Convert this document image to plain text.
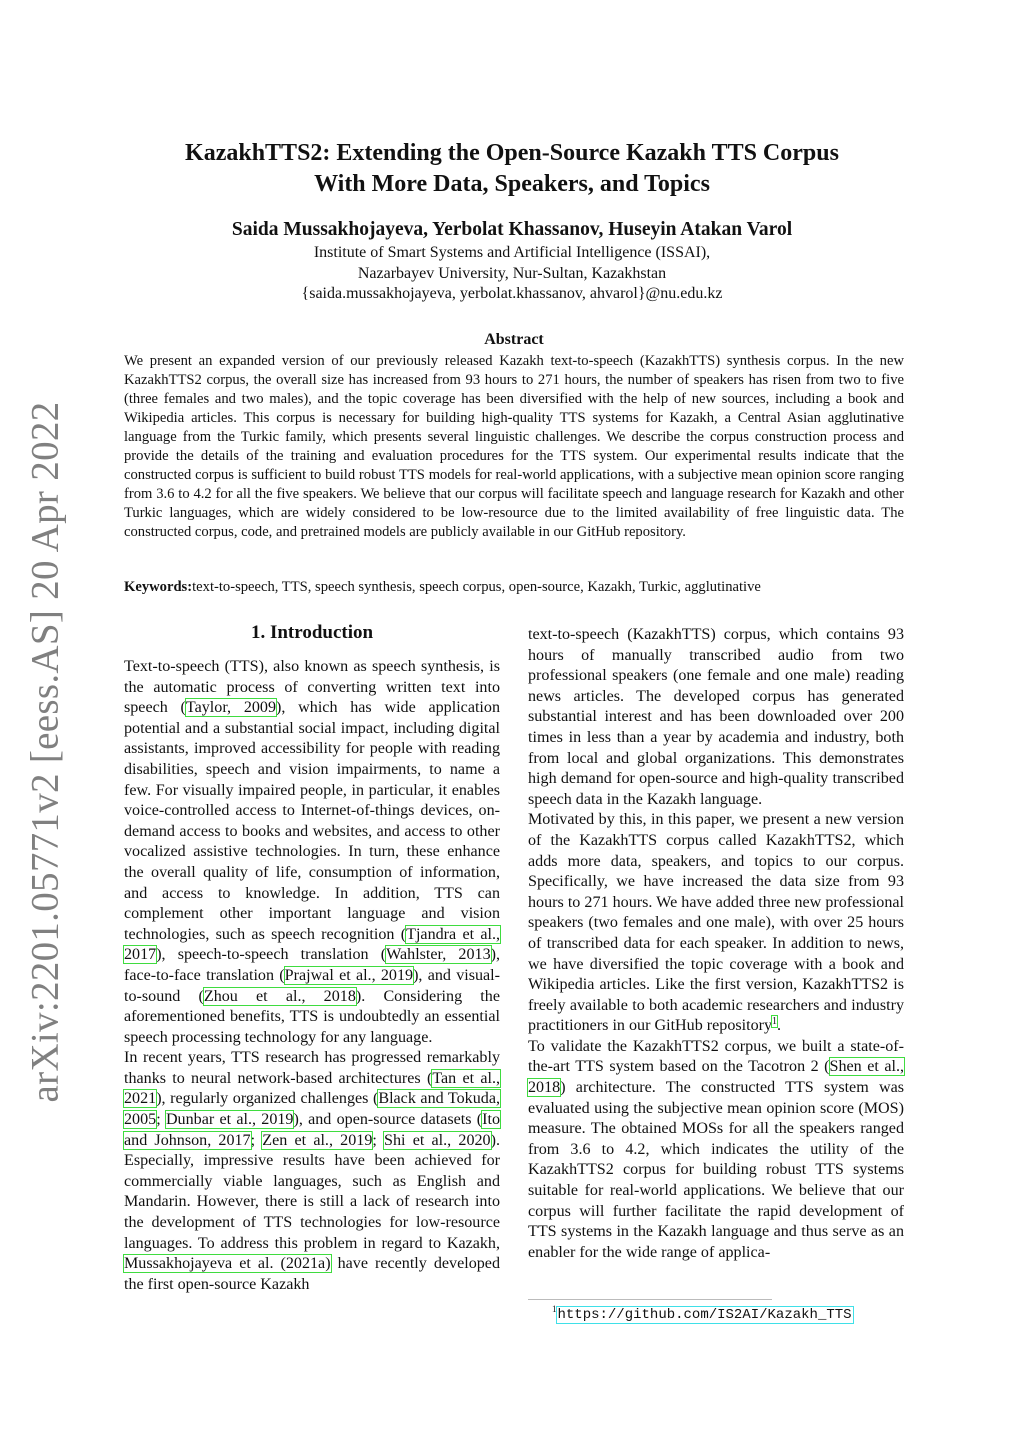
arXiv:2201.05771v2 [eess.AS] 20 Apr 2022
KazakhTTS2: Extending the Open-Source Kazakh TTS Corpus
With More Data, Speakers, and Topics
Saida Mussakhojayeva, Yerbolat Khassanov, Huseyin Atakan Varol
Institute of Smart Systems and Artificial Intelligence (ISSAI),
Nazarbayev University, Nur-Sultan, Kazakhstan
{saida.mussakhojayeva, yerbolat.khassanov, ahvarol}@nu.edu.kz
Abstract
We present an expanded version of our previously released Kazakh text-to-speech (KazakhTTS) synthesis corpus. In the new KazakhTTS2 corpus, the overall size has increased from 93 hours to 271 hours, the number of speakers has risen from two to five (three females and two males), and the topic coverage has been diversified with the help of new sources, including a book and Wikipedia articles. This corpus is necessary for building high-quality TTS systems for Kazakh, a Central Asian agglutinative language from the Turkic family, which presents several linguistic challenges. We describe the corpus construction process and provide the details of the training and evaluation procedures for the TTS system. Our experimental results indicate that the constructed corpus is sufficient to build robust TTS models for real-world applications, with a subjective mean opinion score ranging from 3.6 to 4.2 for all the five speakers. We believe that our corpus will facilitate speech and language research for Kazakh and other Turkic languages, which are widely considered to be low-resource due to the limited availability of free linguistic data. The constructed corpus, code, and pretrained models are publicly available in our GitHub repository.
Keywords:text-to-speech, TTS, speech synthesis, speech corpus, open-source, Kazakh, Turkic, agglutinative
1. Introduction

Text-to-speech (TTS), also known as speech synthesis, is the automatic process of converting written text into speech (Taylor, 2009), which has wide application potential and a substantial social impact, including digital assistants, improved accessibility for people with reading disabilities, speech and vision impairments, to name a few. For visually impaired people, in particular, it enables voice-controlled access to Internet-of-things devices, on-demand access to books and websites, and access to other vocalized assistive technologies. In turn, these enhance the overall quality of life, consumption of information, and access to knowledge. In addition, TTS can complement other important language and vision technologies, such as speech recognition (Tjandra et al., 2017), speech-to-speech translation (Wahlster, 2013), face-to-face translation (Prajwal et al., 2019), and visual-to-sound (Zhou et al., 2018). Considering the aforementioned benefits, TTS is undoubtedly an essential speech processing technology for any language.

In recent years, TTS research has progressed remarkably thanks to neural network-based architectures (Tan et al., 2021), regularly organized challenges (Black and Tokuda, 2005; Dunbar et al., 2019), and open-source datasets (Ito and Johnson, 2017; Zen et al., 2019; Shi et al., 2020). Especially, impressive results have been achieved for commercially viable languages, such as English and Mandarin. However, there is still a lack of research into the development of TTS technologies for low-resource languages. To address this problem in regard to Kazakh, Mussakhojayeva et al. (2021a) have recently developed the first open-source Kazakh

text-to-speech (KazakhTTS) corpus, which contains 93 hours of manually transcribed audio from two professional speakers (one female and one male) reading news articles. The developed corpus has generated substantial interest and has been downloaded over 200 times in less than a year by academia and industry, both from local and global organizations. This demonstrates high demand for open-source and high-quality transcribed speech data in the Kazakh language.

Motivated by this, in this paper, we present a new version of the KazakhTTS corpus called KazakhTTS2, which adds more data, speakers, and topics to our corpus. Specifically, we have increased the data size from 93 hours to 271 hours. We have added three new professional speakers (two females and one male), with over 25 hours of transcribed data for each speaker. In addition to news, we have diversified the topic coverage with a book and Wikipedia articles. Like the first version, KazakhTTS2 is freely available to both academic researchers and industry practitioners in our GitHub repository$^1$.

To validate the KazakhTTS2 corpus, we built a state-of-the-art TTS system based on the Tacotron 2 (Shen et al., 2018) architecture. The constructed TTS system was evaluated using the subjective mean opinion score (MOS) measure. The obtained MOSs for all the speakers ranged from 3.6 to 4.2, which indicates the utility of the KazakhTTS2 corpus for building robust TTS systems suitable for real-world applications. We believe that our corpus will further facilitate the rapid development of TTS systems in the Kazakh language and thus serve as an enabler for the wide range of applica-

$^1$https://github.com/IS2AI/Kazakh_TTS
